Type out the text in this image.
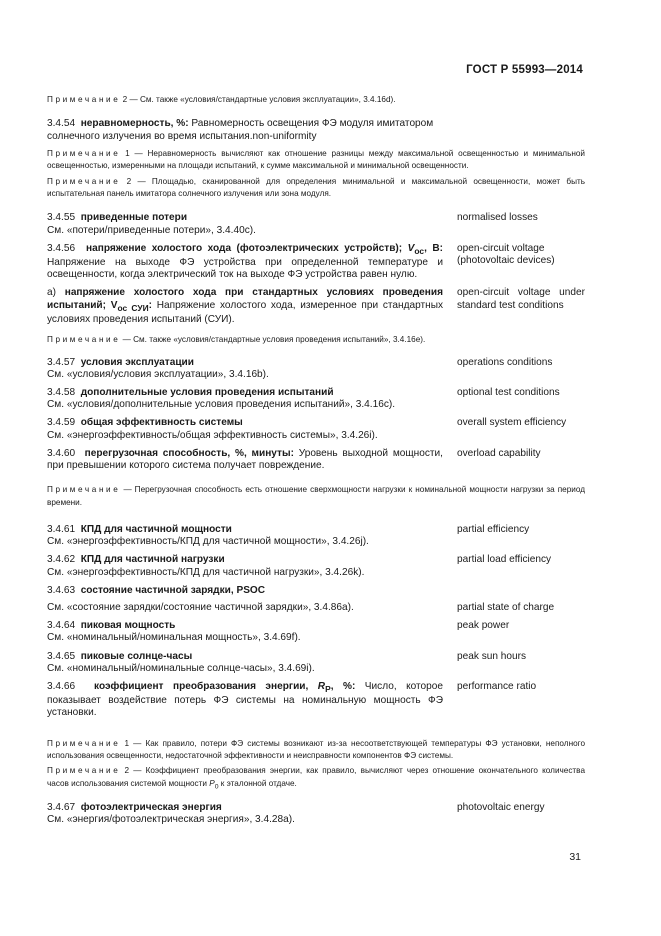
ГОСТ Р 55993—2014

Примечание 2 — См. также «условия/стандартные условия эксплуатации», 3.4.16d).

3.4.54 неравномерность, %: Равномерность освещения ФЭ модуля имитатором солнечного излучения во время испытания.non-uniformity

Примечание 1 — Неравномерность вычисляют как отношение разницы между максимальной освещенностью и минимальной освещенностью, измеренными на площади испытаний, к сумме максимальной и минимальной освещенности.

Примечание 2 — Площадью, сканированной для определения минимальной и максимальной освещенности, может быть испытательная панель имитатора солнечного излучения или зона модуля.

3.4.55 приведенные потери
См. «потери/приведенные потери», 3.4.40с).
normalised losses
3.4.56 напряжение холостого хода (фотоэлектрических устройств); $V_{ос}$, В: Напряжение на выходе ФЭ устройства при определенной температуре и освещенности, когда электрический ток на выходе ФЭ устройства равен нулю.
open-circuit voltage (photovoltaic devices)
а) напряжение холостого хода при стандартных условиях проведения испытаний; $V_{ос СУИ}$: Напряжение холостого хода, измеренное при стандартных условиях проведения испытаний (СУИ).
open-circuit voltage under standard test conditions

Примечание — См. также «условия/стандартные условия проведения испытаний», 3.4.16е).

3.4.57 условия эксплуатации
См. «условия/условия эксплуатации», 3.4.16b).
operations conditions
3.4.58 дополнительные условия проведения испытаний
См. «условия/дополнительные условия проведения испытаний», 3.4.16с).
optional test conditions
3.4.59 общая эффективность системы
См. «энергоэффективность/общая эффективность системы», 3.4.26i).
overall system efficiency
3.4.60 перегрузочная способность, %, минуты: Уровень выходной мощности, при превышении которого система получает повреждение.
overload capability

Примечание — Перегрузочная способность есть отношение сверхмощности нагрузки к номинальной мощности нагрузки за период времени.

3.4.61 КПД для частичной мощности
См. «энергоэффективность/КПД для частичной мощности», 3.4.26j).
partial efficiency
3.4.62 КПД для частичной нагрузки
См. «энергоэффективность/КПД для частичной нагрузки», 3.4.26k).
partial load efficiency
3.4.63 состояние частичной зарядки, PSOC
См. «состояние зарядки/состояние частичной зарядки», 3.4.86а).	partial state of charge
3.4.64 пиковая мощность
См. «номинальный/номинальная мощность», 3.4.69f).
peak power
3.4.65 пиковые солнце-часы
См. «номинальный/номинальные солнце-часы», 3.4.69i).
peak sun hours
3.4.66 коэффициент преобразования энергии, $R_P$, %: Число, которое показывает воздействие потерь ФЭ системы на номинальную мощность ФЭ установки.
performance ratio

Примечание 1 — Как правило, потери ФЭ системы возникают из-за несоответствующей температуры ФЭ установки, неполного использования освещенности, недостаточной эффективности и неисправности компонентов ФЭ системы.

Примечание 2 — Коэффициент преобразования энергии, как правило, вычисляют через отношение окончательного количества часов использования системой мощности $P_0$ к эталонной отдаче.

3.4.67 фотоэлектрическая энергия
См. «энергия/фотоэлектрическая энергия», 3.4.28а).
photovoltaic energy
31
